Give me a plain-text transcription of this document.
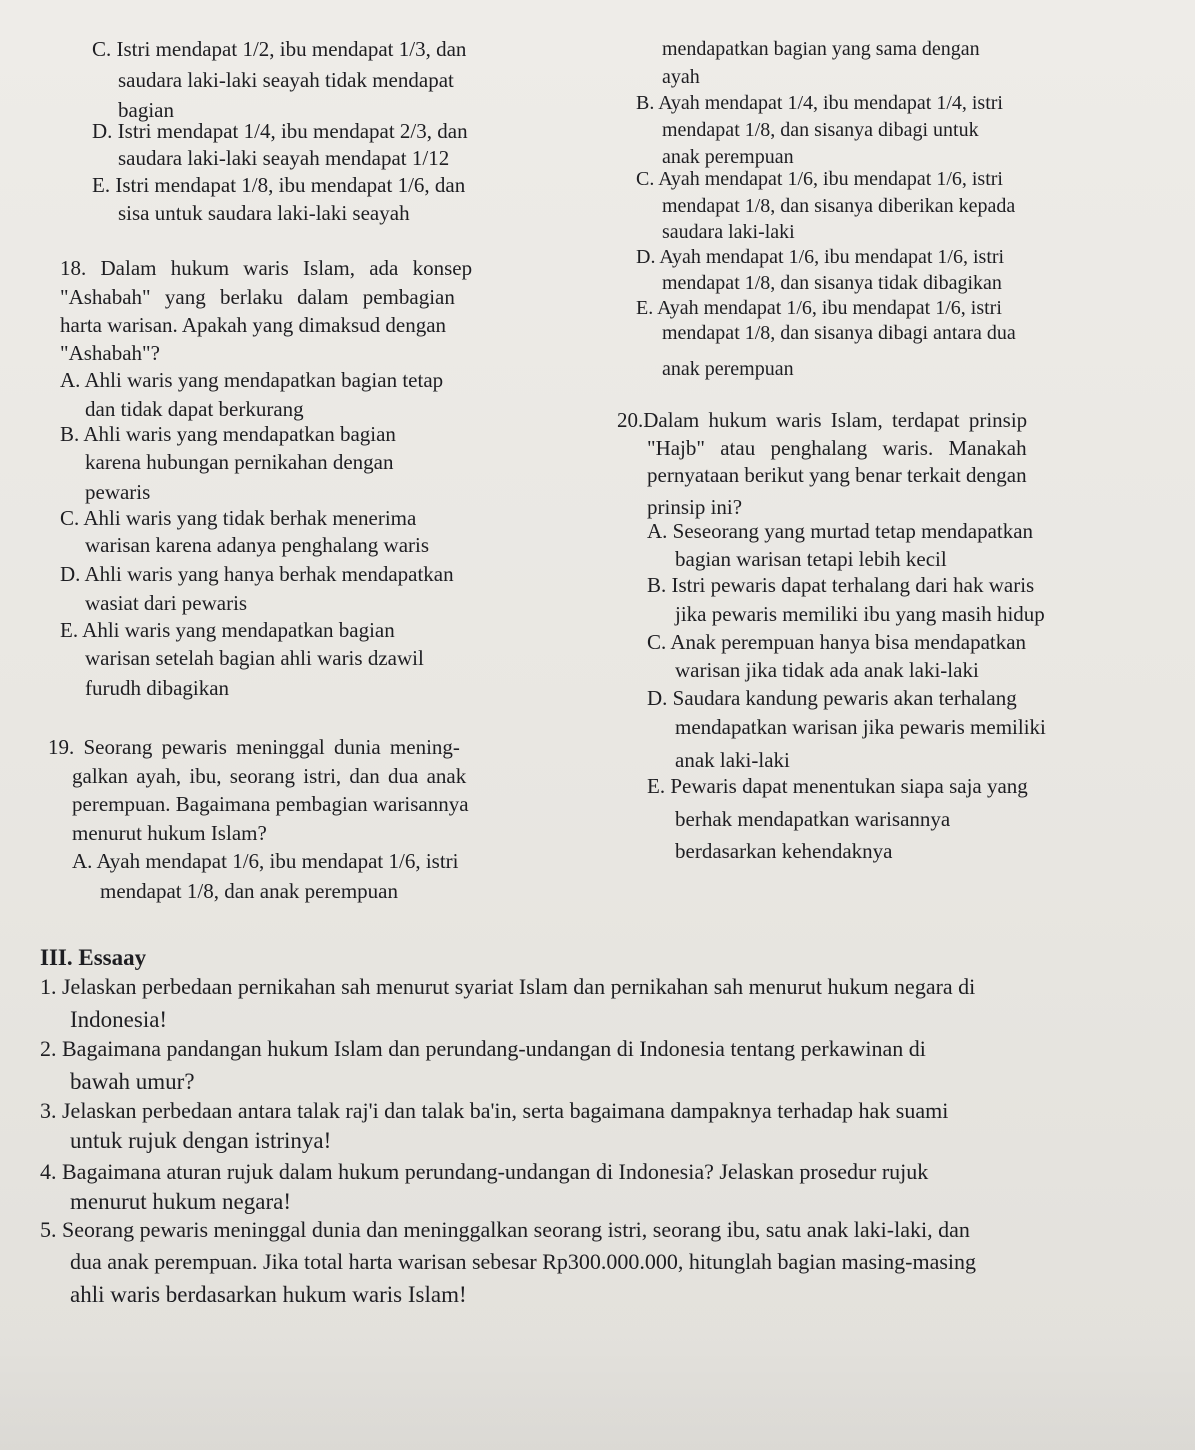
C. Istri mendapat 1/2, ibu mendapat 1/3, dan
saudara laki-laki seayah tidak mendapat
bagian
D. Istri mendapat 1/4, ibu mendapat 2/3, dan
saudara laki-laki seayah mendapat 1/12
E. Istri mendapat 1/8, ibu mendapat 1/6, dan
sisa untuk saudara laki-laki seayah
18. Dalam hukum waris Islam, ada konsep
"Ashabah" yang berlaku dalam pembagian
harta warisan. Apakah yang dimaksud dengan
"Ashabah"?
A. Ahli waris yang mendapatkan bagian tetap
dan tidak dapat berkurang
B. Ahli waris yang mendapatkan bagian
karena hubungan pernikahan dengan
pewaris
C. Ahli waris yang tidak berhak menerima
warisan karena adanya penghalang waris
D. Ahli waris yang hanya berhak mendapatkan
wasiat dari pewaris
E. Ahli waris yang mendapatkan bagian
warisan setelah bagian ahli waris dzawil
furudh dibagikan
19. Seorang pewaris meninggal dunia mening-
galkan ayah, ibu, seorang istri, dan dua anak
perempuan. Bagaimana pembagian warisannya
menurut hukum Islam?
A. Ayah mendapat 1/6, ibu mendapat 1/6, istri
mendapat 1/8, dan anak perempuan
mendapatkan bagian yang sama dengan
ayah
B. Ayah mendapat 1/4, ibu mendapat 1/4, istri
mendapat 1/8, dan sisanya dibagi untuk
anak perempuan
C. Ayah mendapat 1/6, ibu mendapat 1/6, istri
mendapat 1/8, dan sisanya diberikan kepada
saudara laki-laki
D. Ayah mendapat 1/6, ibu mendapat 1/6, istri
mendapat 1/8, dan sisanya tidak dibagikan
E. Ayah mendapat 1/6, ibu mendapat 1/6, istri
mendapat 1/8, dan sisanya dibagi antara dua
anak perempuan
20.Dalam hukum waris Islam, terdapat prinsip
"Hajb" atau penghalang waris. Manakah
pernyataan berikut yang benar terkait dengan
prinsip ini?
A. Seseorang yang murtad tetap mendapatkan
bagian warisan tetapi lebih kecil
B. Istri pewaris dapat terhalang dari hak waris
jika pewaris memiliki ibu yang masih hidup
C. Anak perempuan hanya bisa mendapatkan
warisan jika tidak ada anak laki-laki
D. Saudara kandung pewaris akan terhalang
mendapatkan warisan jika pewaris memiliki
anak laki-laki
E. Pewaris dapat menentukan siapa saja yang
berhak mendapatkan warisannya
berdasarkan kehendaknya
III. Essaay
1. Jelaskan perbedaan pernikahan sah menurut syariat Islam dan pernikahan sah menurut hukum negara di
Indonesia!
2. Bagaimana pandangan hukum Islam dan perundang-undangan di Indonesia tentang perkawinan di
bawah umur?
3. Jelaskan perbedaan antara talak raj'i dan talak ba'in, serta bagaimana dampaknya terhadap hak suami
untuk rujuk dengan istrinya!
4. Bagaimana aturan rujuk dalam hukum perundang-undangan di Indonesia? Jelaskan prosedur rujuk
menurut hukum negara!
5. Seorang pewaris meninggal dunia dan meninggalkan seorang istri, seorang ibu, satu anak laki-laki, dan
dua anak perempuan. Jika total harta warisan sebesar Rp300.000.000, hitunglah bagian masing-masing
ahli waris berdasarkan hukum waris Islam!
